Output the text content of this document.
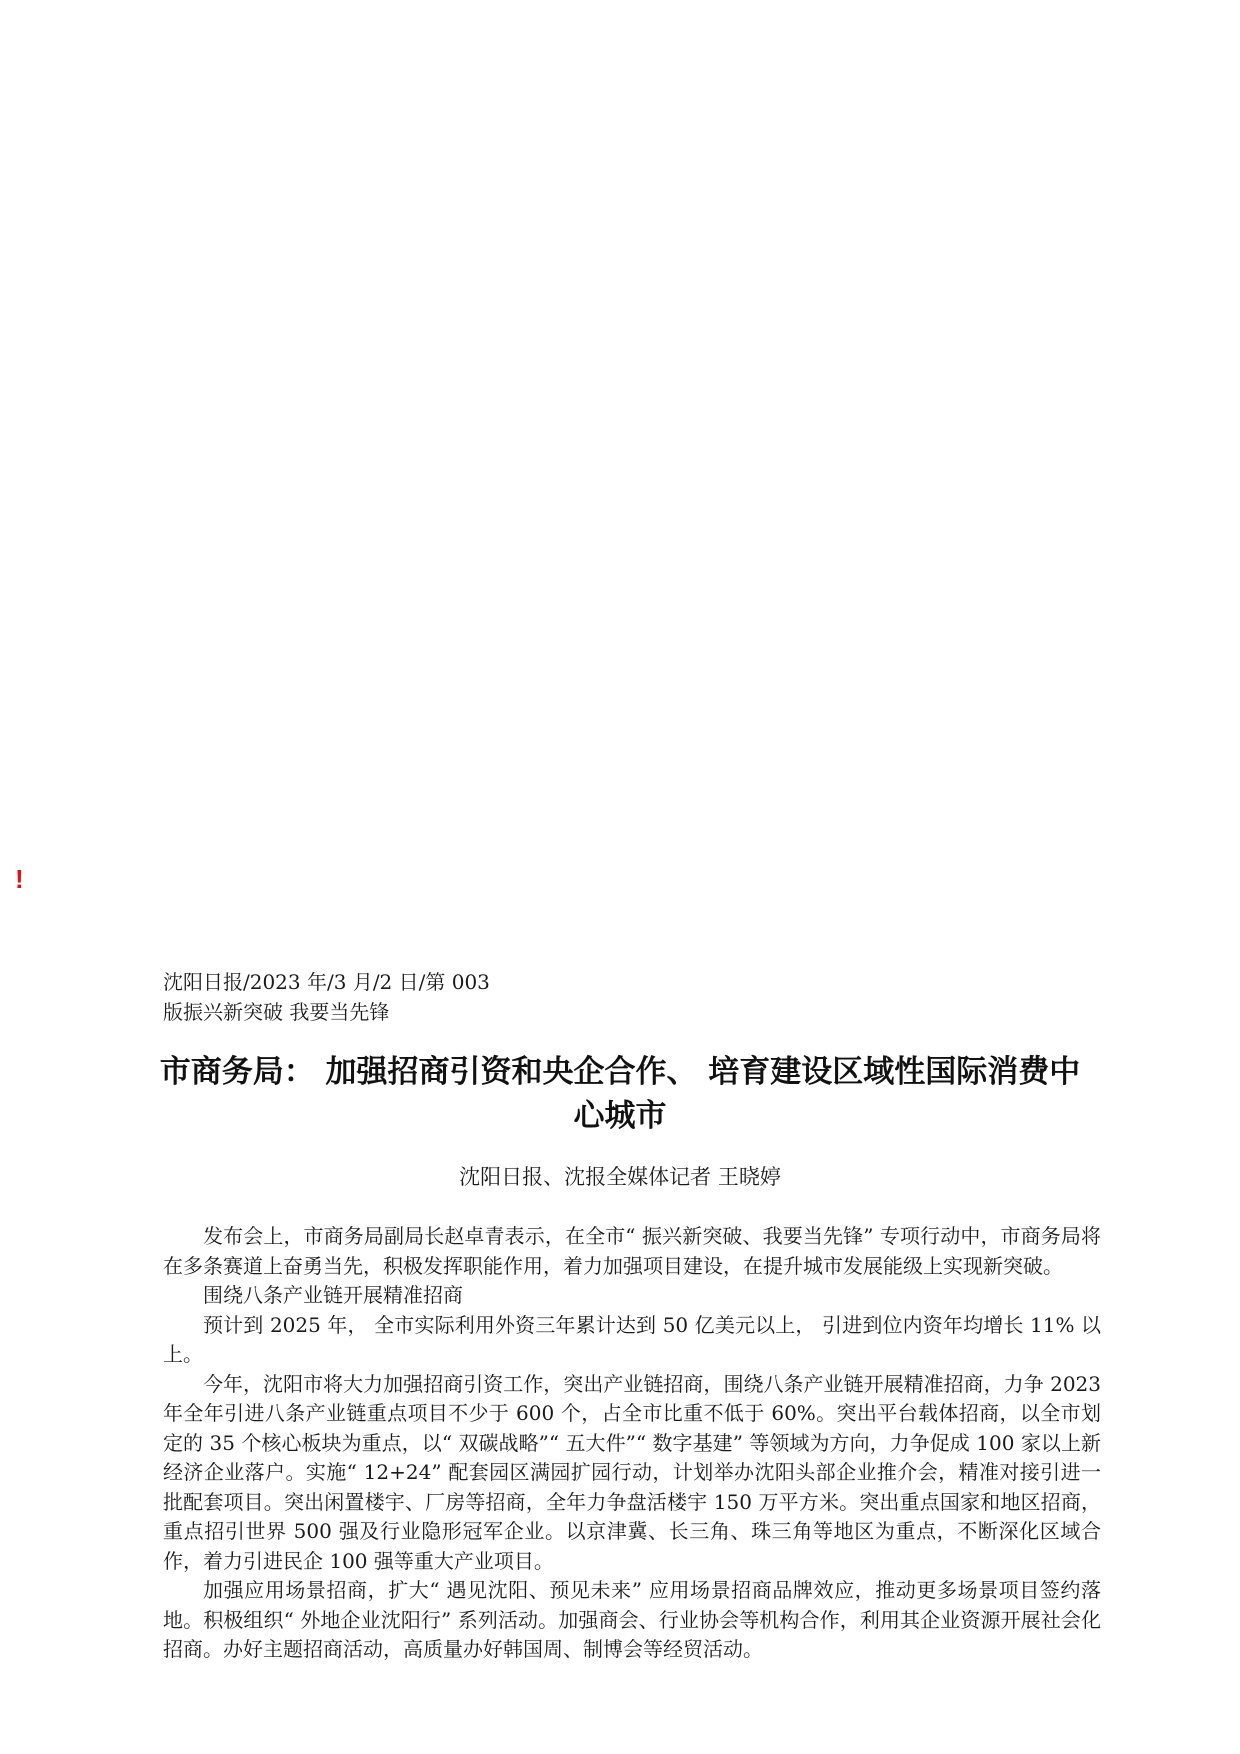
!
沈阳日报/2023 年/3 月/2 日/第 003
版振兴新突破 我要当先锋
市商务局： 加强招商引资和央企合作、 培育建设区域性国际消费中心城市
沈阳日报、沈报全媒体记者 王晓婷

发布会上，市商务局副局长赵卓青表示，在全市“ 振兴新突破、我要当先锋” 专项行动中，市商务局将在多条赛道上奋勇当先，积极发挥职能作用，着力加强项目建设，在提升城市发展能级上实现新突破。

围绕八条产业链开展精准招商

预计到 2025 年， 全市实际利用外资三年累计达到 50 亿美元以上， 引进到位内资年均增长 11% 以上。

今年，沈阳市将大力加强招商引资工作，突出产业链招商，围绕八条产业链开展精准招商，力争 2023 年全年引进八条产业链重点项目不少于 600 个，占全市比重不低于 60%。突出平台载体招商，以全市划定的 35 个核心板块为重点，以“ 双碳战略”“ 五大件”“ 数字基建” 等领域为方向，力争促成 100 家以上新经济企业落户。实施“ 12+24” 配套园区满园扩园行动，计划举办沈阳头部企业推介会，精准对接引进一批配套项目。突出闲置楼宇、厂房等招商，全年力争盘活楼宇 150 万平方米。突出重点国家和地区招商，重点招引世界 500 强及行业隐形冠军企业。以京津冀、长三角、珠三角等地区为重点，不断深化区域合作，着力引进民企 100 强等重大产业项目。

加强应用场景招商，扩大“ 遇见沈阳、预见未来” 应用场景招商品牌效应，推动更多场景项目签约落地。积极组织“ 外地企业沈阳行” 系列活动。加强商会、行业协会等机构合作，利用其企业资源开展社会化招商。办好主题招商活动，高质量办好韩国周、制博会等经贸活动。
